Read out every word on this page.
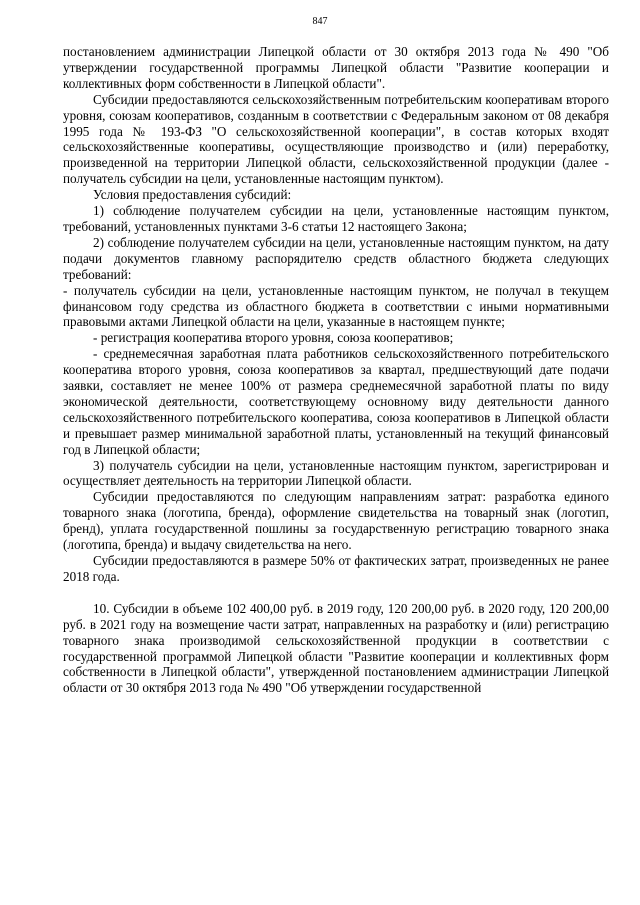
847

постановлением администрации Липецкой области от 30 октября 2013 года № 490 "Об утверждении государственной программы Липецкой области "Развитие кооперации и коллективных форм собственности в Липецкой области".

Субсидии предоставляются сельскохозяйственным потребительским кооперативам второго уровня, союзам кооперативов, созданным в соответствии с Федеральным законом от 08 декабря 1995 года № 193-ФЗ "О сельскохозяйственной кооперации", в состав которых входят сельскохозяйственные кооперативы, осуществляющие производство и (или) переработку, произведенной на территории Липецкой области, сельскохозяйственной продукции (далее - получатель субсидии на цели, установленные настоящим пунктом).

Условия предоставления субсидий:

1) соблюдение получателем субсидии на цели, установленные настоящим пунктом, требований, установленных пунктами 3-6 статьи 12 настоящего Закона;

2) соблюдение получателем субсидии на цели, установленные настоящим пунктом, на дату подачи документов главному распорядителю средств областного бюджета следующих требований:

- получатель субсидии на цели, установленные настоящим пунктом, не получал в текущем финансовом году средства из областного бюджета в соответствии с иными нормативными правовыми актами Липецкой области на цели, указанные в настоящем пункте;

- регистрация кооператива второго уровня, союза кооперативов;

- среднемесячная заработная плата работников сельскохозяйственного потребительского кооператива второго уровня, союза кооперативов за квартал, предшествующий дате подачи заявки, составляет не менее 100% от размера среднемесячной заработной платы по виду экономической деятельности, соответствующему основному виду деятельности данного сельскохозяйственного потребительского кооператива, союза кооперативов в Липецкой области и превышает размер минимальной заработной платы, установленный на текущий финансовый год в Липецкой области;

3) получатель субсидии на цели, установленные настоящим пунктом, зарегистрирован и осуществляет деятельность на территории Липецкой области.

Субсидии предоставляются по следующим направлениям затрат: разработка единого товарного знака (логотипа, бренда), оформление свидетельства на товарный знак (логотип, бренд), уплата государственной пошлины за государственную регистрацию товарного знака (логотипа, бренда) и выдачу свидетельства на него.

Субсидии предоставляются в размере 50% от фактических затрат, произведенных не ранее 2018 года.

10. Субсидии в объеме 102 400,00 руб. в 2019 году, 120 200,00 руб. в 2020 году, 120 200,00 руб. в 2021 году на возмещение части затрат, направленных на разработку и (или) регистрацию товарного знака производимой сельскохозяйственной продукции в соответствии с государственной программой Липецкой области "Развитие кооперации и коллективных форм собственности в Липецкой области", утвержденной постановлением администрации Липецкой области от 30 октября 2013 года № 490 "Об утверждении государственной
